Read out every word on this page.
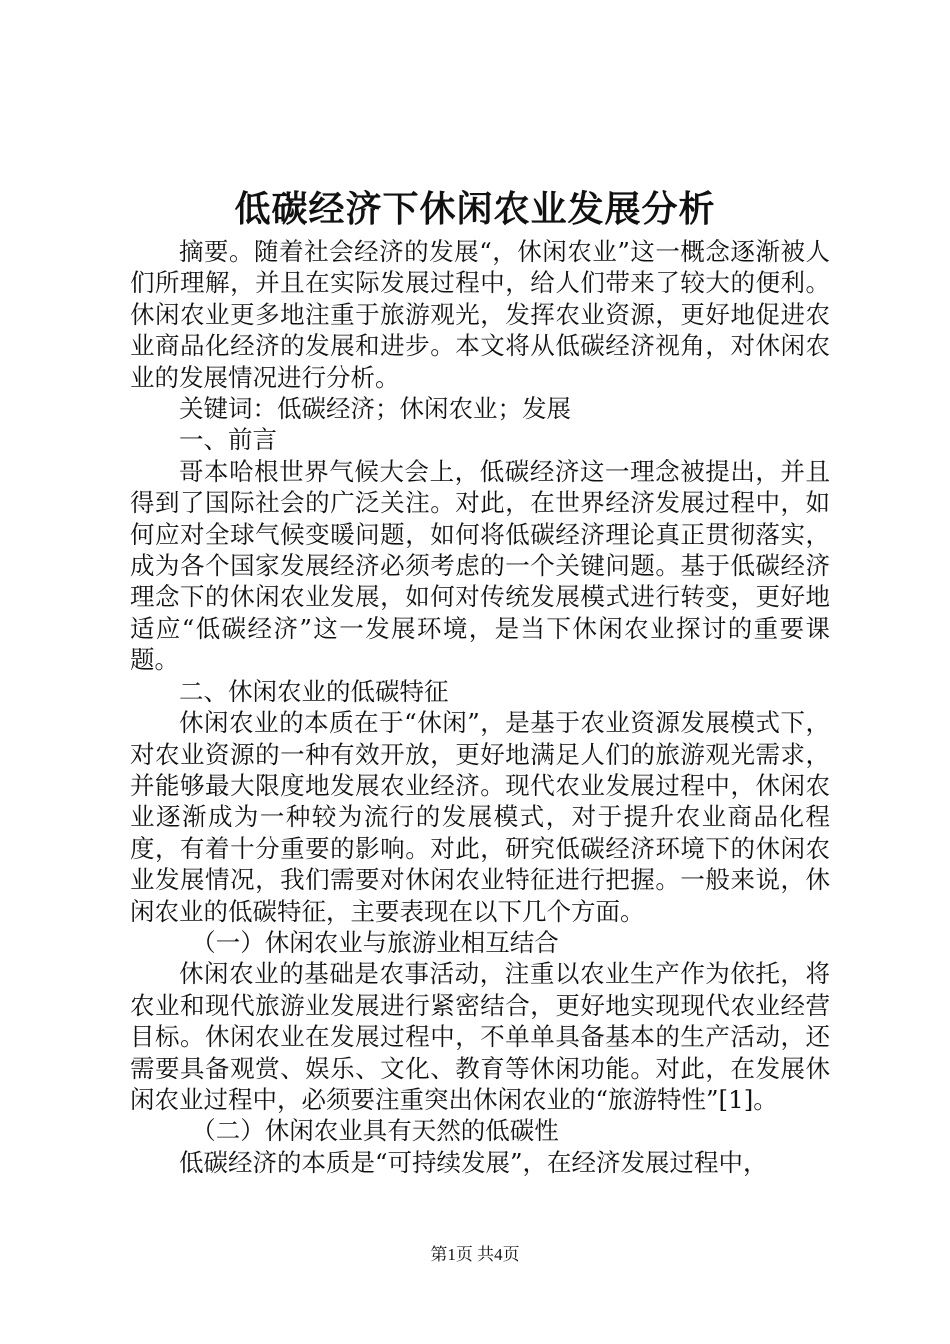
低碳经济下休闲农业发展分析

摘要。随着社会经济的发展“，休闲农业”这一概念逐渐被人们所理解，并且在实际发展过程中，给人们带来了较大的便利。休闲农业更多地注重于旅游观光，发挥农业资源，更好地促进农业商品化经济的发展和进步。本文将从低碳经济视角，对休闲农业的发展情况进行分析。

关键词：低碳经济；休闲农业；发展

一、前言

哥本哈根世界气候大会上，低碳经济这一理念被提出，并且得到了国际社会的广泛关注。对此，在世界经济发展过程中，如何应对全球气候变暖问题，如何将低碳经济理论真正贯彻落实，成为各个国家发展经济必须考虑的一个关键问题。基于低碳经济理念下的休闲农业发展，如何对传统发展模式进行转变，更好地适应“低碳经济”这一发展环境，是当下休闲农业探讨的重要课题。

二、休闲农业的低碳特征

休闲农业的本质在于“休闲”，是基于农业资源发展模式下，对农业资源的一种有效开放，更好地满足人们的旅游观光需求，并能够最大限度地发展农业经济。现代农业发展过程中，休闲农业逐渐成为一种较为流行的发展模式，对于提升农业商品化程度，有着十分重要的影响。对此，研究低碳经济环境下的休闲农业发展情况，我们需要对休闲农业特征进行把握。一般来说，休闲农业的低碳特征，主要表现在以下几个方面。

（一）休闲农业与旅游业相互结合

休闲农业的基础是农事活动，注重以农业生产作为依托，将农业和现代旅游业发展进行紧密结合，更好地实现现代农业经营目标。休闲农业在发展过程中，不单单具备基本的生产活动，还需要具备观赏、娱乐、文化、教育等休闲功能。对此，在发展休闲农业过程中，必须要注重突出休闲农业的“旅游特性”[1]。

（二）休闲农业具有天然的低碳性

低碳经济的本质是“可持续发展”，在经济发展过程中，

第1页 共4页
